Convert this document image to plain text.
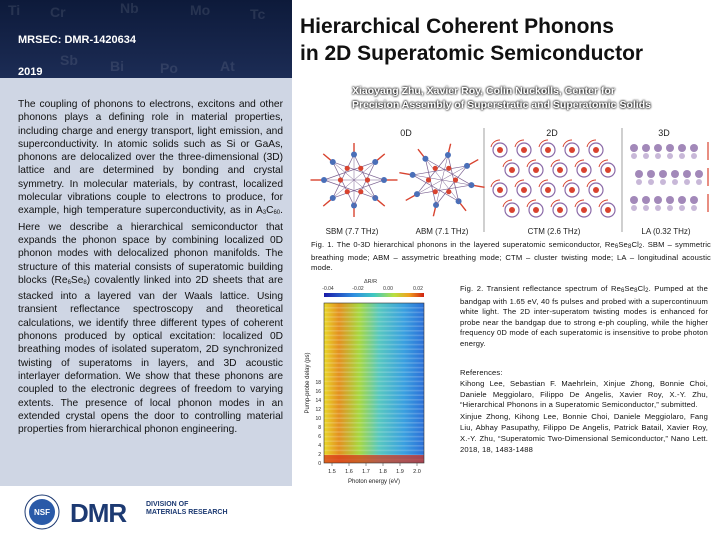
Ti Cr	Nb	Mo	Tc
Sb Bi	Po	At
MRSEC: DMR-1420634
2019
The coupling of phonons to electrons, excitons and other phonons plays a defining role in material properties, including charge and energy transport, light emission, and superconductivity. In atomic solids such as Si or GaAs, phonons are delocalized over the three-dimensional (3D) lattice and are determined by bonding and crystal symmetry. In molecular materials, by contrast, localized molecular vibrations couple to electrons to produce, for example, high temperature superconductivity, as in A3C60. Here we describe a hierarchical semiconductor that expands the phonon space by combining localized 0D phonon modes with delocalized phonon manifolds. The structure of this material consists of superatomic building blocks (Re6Se8) covalently linked into 2D sheets that are stacked into a layered van der Waals lattice. Using transient reflectance spectroscopy and theoretical calculations, we identify three different types of coherent phonons produced by optical excitation: localized 0D breathing modes of isolated superatom, 2D synchronized twisting of superatoms in layers, and 3D acoustic interlayer deformation. We show that these phonons are coupled to the electronic degrees of freedom to varying extents. The presence of local phonon modes in an extended crystal opens the door to controlling material properties from hierarchical phonon engineering.
Hierarchical Coherent Phonons
in 2D Superatomic Semiconductor
Xiaoyang Zhu, Xavier Roy, Colin Nuckolls, Center for
Precision Assembly of Superstratic and Superatomic Solids
0D	2D	3D
SBM (7.7 THz)	ABM (7.1 THz)	CTM (2.6 THz)	LA (0.32 THz)
Fig. 1. The 0-3D hierarchical phonons in the layered superatomic semiconductor, Re6Se8Cl2. SBM – symmetric breathing mode; ABM – assymetric breathing mode; CTM – cluster twisting mode; LA – longitudinal acoustic mode.
ΔR/R
-0.04	-0.02	0.00	0.02
1.5 1.6 1.7 1.8 1.9 2.0
0
2
4
6
8
10
12
14
16
18
Photon energy (eV)
Pump-probe delay (ps)
Fig. 2. Transient reflectance spectrum of Re6Se8Cl2. Pumped at the bandgap with 1.65 eV, 40 fs pulses and probed with a supercontinuum white light. The 2D inter-superatom twisting modes is enhanced for probe near the bandgap due to strong e-ph coupling, while the higher frequency 0D mode of each superatomic is insensitive to probe photon energy.
References:
Kihong Lee, Sebastian F. Maehrlein, Xinjue Zhong, Bonnie Choi, Daniele Meggiolaro, Filippo De Angelis, Xavier Roy, X.-Y. Zhu, “Hierarchical Phonons in a Superatomic Semiconductor,” submitted.
Xinjue Zhong, Kihong Lee, Bonnie Choi, Daniele Meggiolaro, Fang Liu, Abhay Pasupathy, Filippo De Angelis, Patrick Batail, Xavier Roy, X.-Y. Zhu, “Superatomic Two-Dimensional Semiconductor,” Nano Lett. 2018, 18, 1483-1488
NSF DMR	DIVISION OF
MATERIALS RESEARCH
